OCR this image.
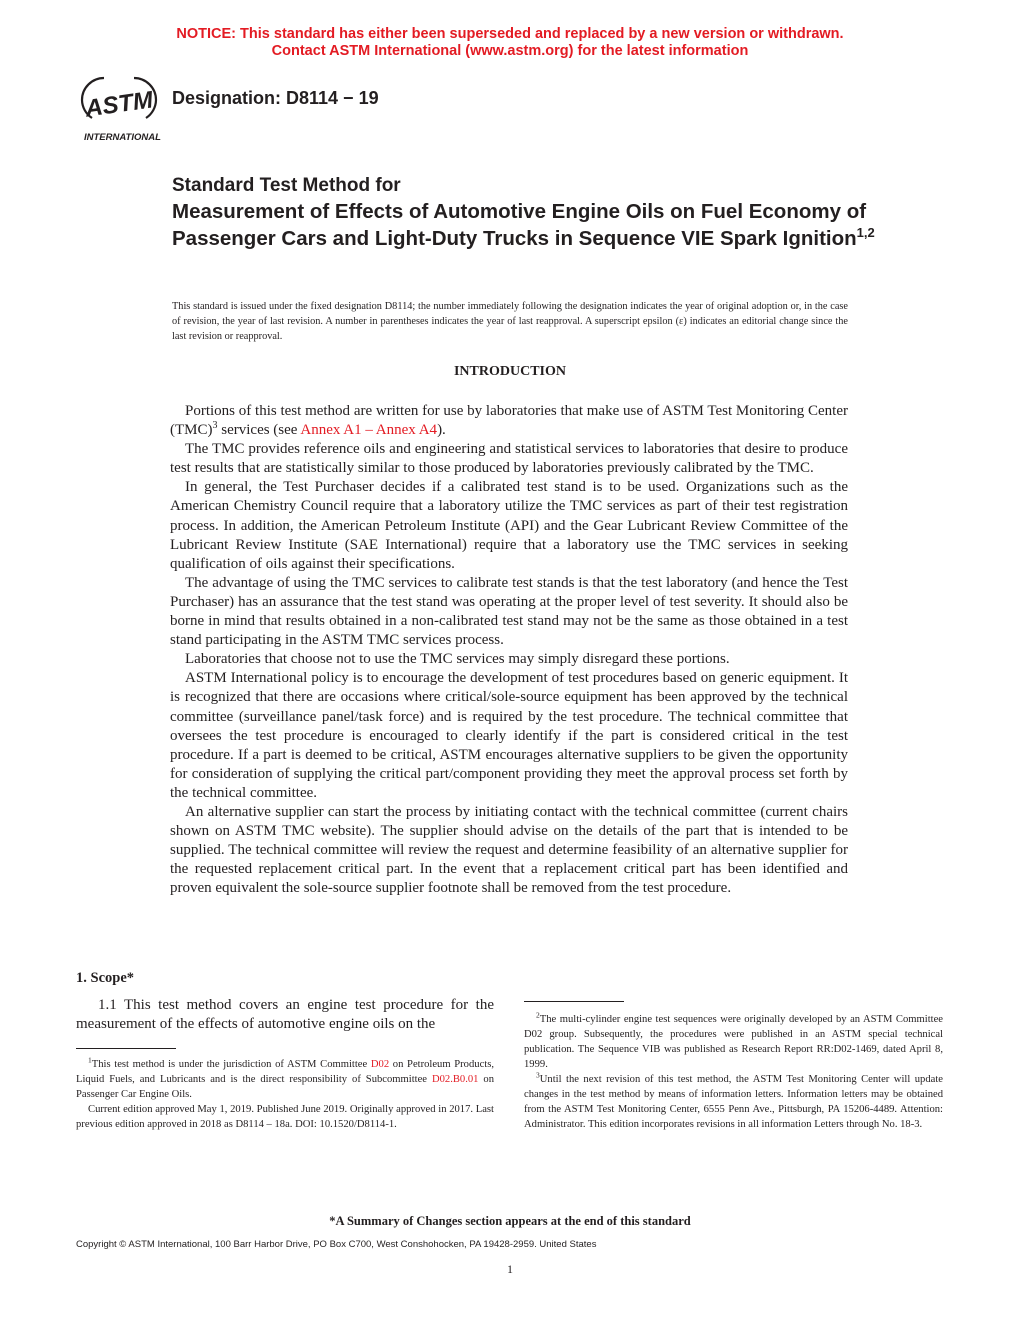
NOTICE: This standard has either been superseded and replaced by a new version or withdrawn.
Contact ASTM International (www.astm.org) for the latest information
ASTM
INTERNATIONAL
Designation: D8114 − 19
Standard Test Method for
Measurement of Effects of Automotive Engine Oils on Fuel Economy of Passenger Cars and Light-Duty Trucks in Sequence VIE Spark Ignition$^{1,2}$
This standard is issued under the fixed designation D8114; the number immediately following the designation indicates the year of original adoption or, in the case of revision, the year of last revision. A number in parentheses indicates the year of last reapproval. A superscript epsilon (ε) indicates an editorial change since the last revision or reapproval.
INTRODUCTION

Portions of this test method are written for use by laboratories that make use of ASTM Test Monitoring Center (TMC)$^3$ services (see Annex A1 – Annex A4).

The TMC provides reference oils and engineering and statistical services to laboratories that desire to produce test results that are statistically similar to those produced by laboratories previously calibrated by the TMC.

In general, the Test Purchaser decides if a calibrated test stand is to be used. Organizations such as the American Chemistry Council require that a laboratory utilize the TMC services as part of their test registration process. In addition, the American Petroleum Institute (API) and the Gear Lubricant Review Committee of the Lubricant Review Institute (SAE International) require that a laboratory use the TMC services in seeking qualification of oils against their specifications.

The advantage of using the TMC services to calibrate test stands is that the test laboratory (and hence the Test Purchaser) has an assurance that the test stand was operating at the proper level of test severity. It should also be borne in mind that results obtained in a non-calibrated test stand may not be the same as those obtained in a test stand participating in the ASTM TMC services process.

Laboratories that choose not to use the TMC services may simply disregard these portions.

ASTM International policy is to encourage the development of test procedures based on generic equipment. It is recognized that there are occasions where critical/sole-source equipment has been approved by the technical committee (surveillance panel/task force) and is required by the test procedure. The technical committee that oversees the test procedure is encouraged to clearly identify if the part is considered critical in the test procedure. If a part is deemed to be critical, ASTM encourages alternative suppliers to be given the opportunity for consideration of supplying the critical part/component providing they meet the approval process set forth by the technical committee.

An alternative supplier can start the process by initiating contact with the technical committee (current chairs shown on ASTM TMC website). The supplier should advise on the details of the part that is intended to be supplied. The technical committee will review the request and determine feasibility of an alternative supplier for the requested replacement critical part. In the event that a replacement critical part has been identified and proven equivalent the sole-source supplier footnote shall be removed from the test procedure.

1. Scope*

1.1 This test method covers an engine test procedure for the measurement of the effects of automotive engine oils on the

$^1$This test method is under the jurisdiction of ASTM Committee D02 on Petroleum Products, Liquid Fuels, and Lubricants and is the direct responsibility of Subcommittee D02.B0.01 on Passenger Car Engine Oils.

Current edition approved May 1, 2019. Published June 2019. Originally approved in 2017. Last previous edition approved in 2018 as D8114 – 18a. DOI: 10.1520/D8114-1.

$^2$The multi-cylinder engine test sequences were originally developed by an ASTM Committee D02 group. Subsequently, the procedures were published in an ASTM special technical publication. The Sequence VIB was published as Research Report RR:D02-1469, dated April 8, 1999.

$^3$Until the next revision of this test method, the ASTM Test Monitoring Center will update changes in the test method by means of information letters. Information letters may be obtained from the ASTM Test Monitoring Center, 6555 Penn Ave., Pittsburgh, PA 15206-4489. Attention: Administrator. This edition incorporates revisions in all information Letters through No. 18-3.

*A Summary of Changes section appears at the end of this standard
Copyright © ASTM International, 100 Barr Harbor Drive, PO Box C700, West Conshohocken, PA 19428-2959. United States
1
